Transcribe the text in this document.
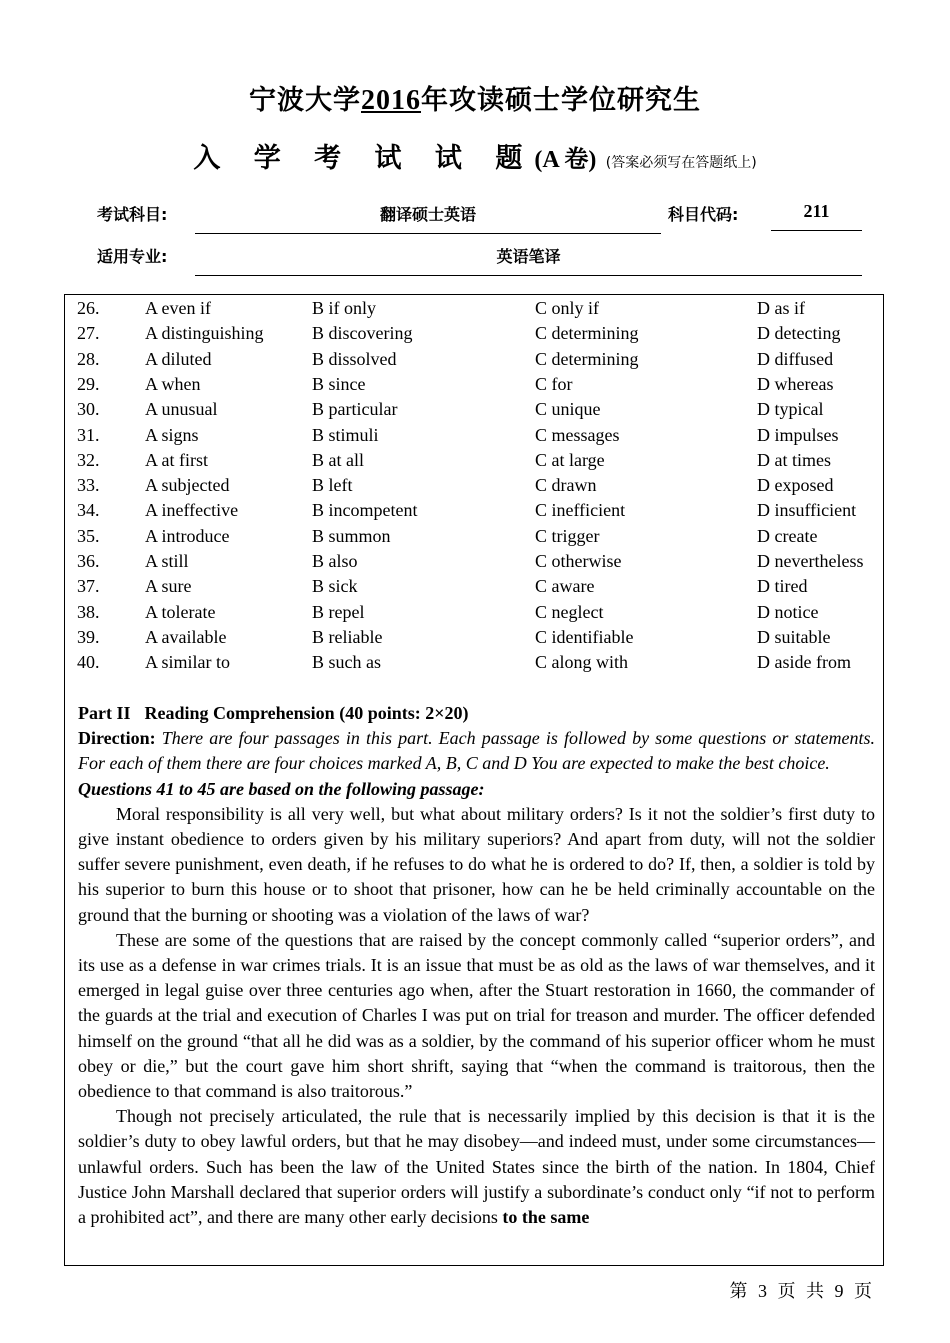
宁波大学2016年攻读硕士学位研究生
入 学 考 试 试 题(A 卷) (答案必须写在答题纸上)
考试科目:	翻译硕士英语	科目代码:	211
适用专业:	英语笔译
26.	A even if	B if only	C only if	D as if
27.	A distinguishing	B discovering	C determining	D detecting
28.	A diluted	B dissolved	C determining	D diffused
29.	A when	B since	C for	D whereas
30.	A unusual	B particular	C unique	D typical
31.	A signs	B stimuli	C messages	D impulses
32.	A at first	B at all	C at large	D at times
33.	A subjected	B left	C drawn	D exposed
34.	A ineffective	B incompetent	C inefficient	D insufficient
35.	A introduce	B summon	C trigger	D create
36.	A still	B also	C otherwise	D nevertheless
37.	A sure	B sick	C aware	D tired
38.	A tolerate	B repel	C neglect	D notice
39.	A available	B reliable	C identifiable	D suitable
40.	A similar to	B such as	C along with	D aside from

Part II Reading Comprehension (40 points: 2×20)

Direction: There are four passages in this part. Each passage is followed by some questions or statements. For each of them there are four choices marked A, B, C and D You are expected to make the best choice.

Questions 41 to 45 are based on the following passage:

Moral responsibility is all very well, but what about military orders? Is it not the soldier’s first duty to give instant obedience to orders given by his military superiors? And apart from duty, will not the soldier suffer severe punishment, even death, if he refuses to do what he is ordered to do? If, then, a soldier is told by his superior to burn this house or to shoot that prisoner, how can he be held criminally accountable on the ground that the burning or shooting was a violation of the laws of war?

These are some of the questions that are raised by the concept commonly called “superior orders”, and its use as a defense in war crimes trials. It is an issue that must be as old as the laws of war themselves, and it emerged in legal guise over three centuries ago when, after the Stuart restoration in 1660, the commander of the guards at the trial and execution of Charles I was put on trial for treason and murder. The officer defended himself on the ground “that all he did was as a soldier, by the command of his superior officer whom he must obey or die,” but the court gave him short shrift, saying that “when the command is traitorous, then the obedience to that command is also traitorous.”

Though not precisely articulated, the rule that is necessarily implied by this decision is that it is the soldier’s duty to obey lawful orders, but that he may disobey—and indeed must, under some circumstances—unlawful orders. Such has been the law of the United States since the birth of the nation. In 1804, Chief Justice John Marshall declared that superior orders will justify a subordinate’s conduct only “if not to perform a prohibited act”, and there are many other early decisions to the same

第 3 页 共 9 页
